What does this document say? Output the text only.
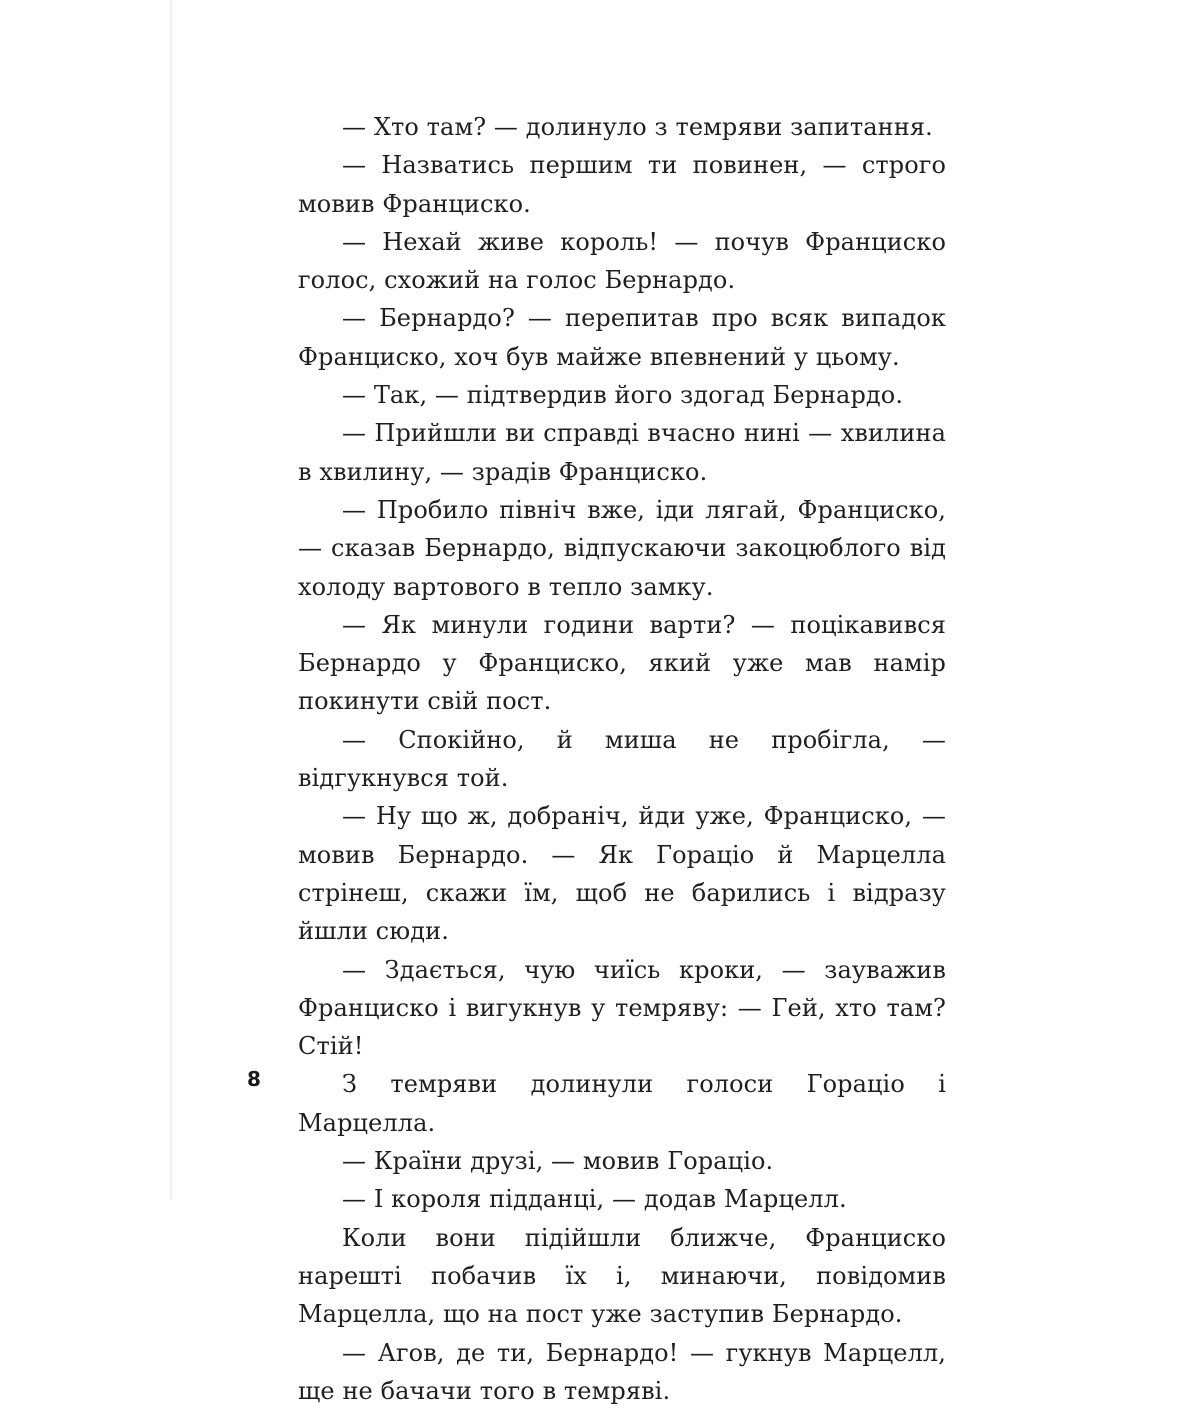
— Хто там? — долинуло з темряви запитання.

— Назватись першим ти повинен, — строго мовив Франциско.

— Нехай живе король! — почув Франциско голос, схожий на голос Бернардо.

— Бернардо? — перепитав про всяк випадок Франциско, хоч був майже впевнений у цьому.

— Так, — підтвердив його здогад Бернардо.

— Прийшли ви справді вчасно нині — хвилина в хвилину, — зрадів Франциско.

— Пробило північ вже, іди лягай, Франциско, — сказав Бернардо, відпускаючи закоцюблого від холоду вартового в тепло замку.

— Як минули години варти? — поцікавився Бернардо у Франциско, який уже мав намір покинути свій пост.

— Спокійно, й миша не пробігла, — відгукнувся той.

— Ну що ж, добраніч, йди уже, Франциско, — мовив Бернардо. — Як Гораціо й Марцелла стрінеш, скажи їм, щоб не барились і відразу йшли сюди.

— Здається, чую чиїсь кроки, — зауважив Франциско і вигукнув у темряву: — Гей, хто там? Стій!

З темряви долинули голоси Гораціо і Марцелла.

— Країни друзі, — мовив Гораціо.

— І короля підданці, — додав Марцелл.

Коли вони підійшли ближче, Франциско нарешті побачив їх і, минаючи, повідомив Марцелла, що на пост уже заступив Бернардо.

— Агов, де ти, Бернардо! — гукнув Марцелл, ще не бачачи того в темряві.

8
